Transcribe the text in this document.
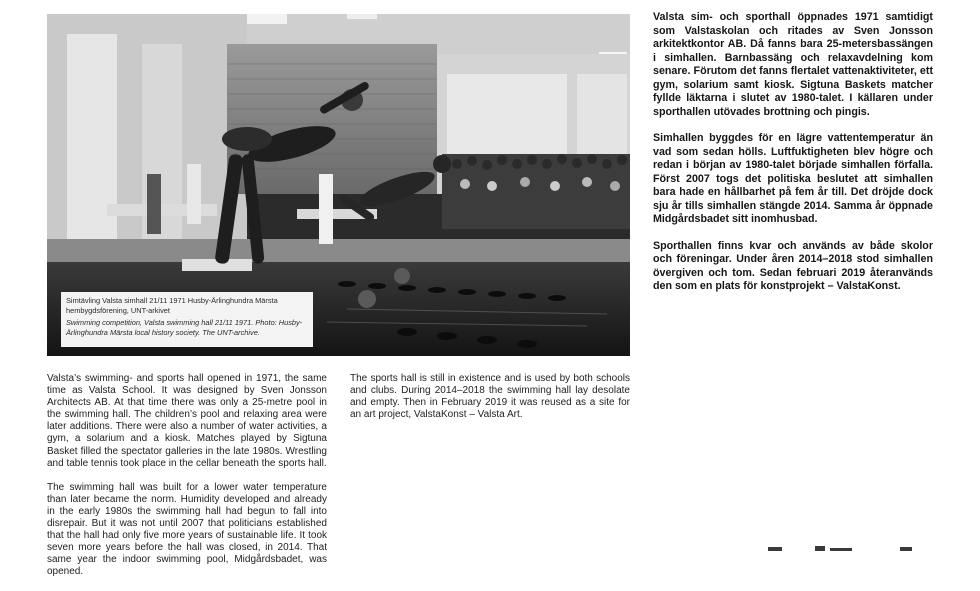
Simtävling Valsta simhall 21/11 1971 Husby-Ärlinghundra Märsta hembygdsförening, UNT-arkivet

Swimming competition, Valsta swimming hall 21/11 1971. Photo: Husby-Ärlinghundra Märsta local history society. The UNT-archive.

Valsta sim- och sporthall öppnades 1971 samtidigt som Valstaskolan och ritades av Sven Jonsson arkitektkontor AB. Då fanns bara 25-metersbassängen i simhallen. Barnbassäng och relaxavdelning kom senare. Förutom det fanns flertalet vattenaktiviteter, ett gym, solarium samt kiosk. Sigtuna Baskets matcher fyllde läktarna i slutet av 1980-talet. I källaren under sporthallen utövades brottning och pingis.

Simhallen byggdes för en lägre vattentemperatur än vad som sedan hölls. Luftfuktigheten blev högre och redan i början av 1980-talet började simhallen förfalla. Först 2007 togs det politiska beslutet att simhallen bara hade en hållbarhet på fem år till. Det dröjde dock sju år tills simhallen stängde 2014. Samma år öppnade Midgårdsbadet sitt inomhusbad.

Sporthallen finns kvar och används av både skolor och föreningar. Under åren 2014–2018 stod simhallen övergiven och tom. Sedan februari 2019 återanvänds den som en plats för konstprojekt – ValstaKonst.

Valsta’s swimming- and sports hall opened in 1971, the same time as Valsta School. It was designed by Sven Jonsson Architects AB. At that time there was only a 25-metre pool in the swimming hall. The children’s pool and relaxing area were later additions. There were also a number of water activities, a gym, a solarium and a kiosk. Matches played by Sigtuna Basket filled the spectator galleries in the late 1980s. Wrestling and table tennis took place in the cellar beneath the sports hall.

The swimming hall was built for a lower water temperature than later became the norm. Humidity developed and already in the early 1980s the swimming hall had begun to fall into disrepair. But it was not until 2007 that politicians established that the hall had only five more years of sustainable life. It took seven more years before the hall was closed, in 2014. That same year the indoor swimming pool, Midgårdsbadet, was opened.

The sports hall is still in existence and is used by both schools and clubs. During 2014–2018 the swimming hall lay desolate and empty. Then in February 2019 it was reused as a site for an art project, ValstaKonst – Valsta Art.
